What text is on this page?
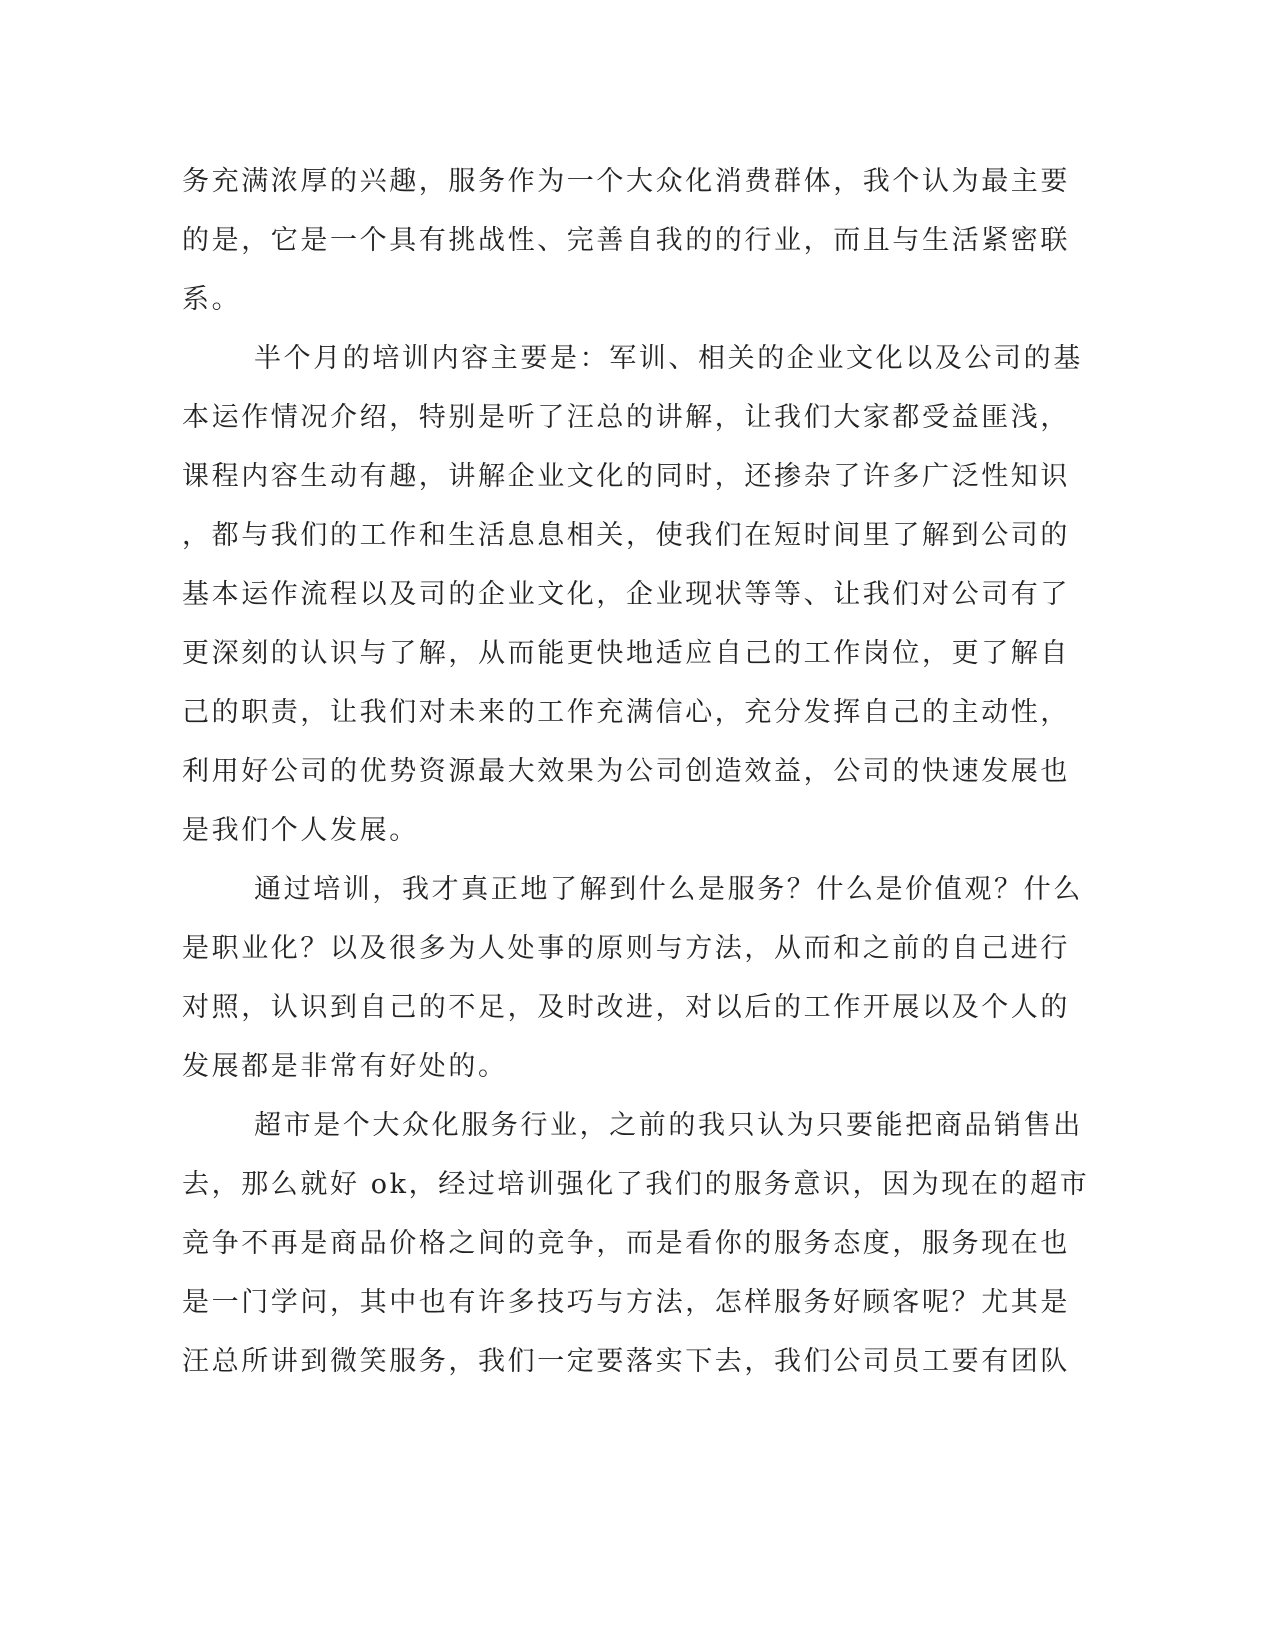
务充满浓厚的兴趣，服务作为一个大众化消费群体，我个认为最主要
的是，它是一个具有挑战性、完善自我的的行业，而且与生活紧密联
系。
半个月的培训内容主要是：军训、相关的企业文化以及公司的基
本运作情况介绍，特别是听了汪总的讲解，让我们大家都受益匪浅，
课程内容生动有趣，讲解企业文化的同时，还掺杂了许多广泛性知识
，都与我们的工作和生活息息相关，使我们在短时间里了解到公司的
基本运作流程以及司的企业文化，企业现状等等、让我们对公司有了
更深刻的认识与了解，从而能更快地适应自己的工作岗位，更了解自
己的职责，让我们对未来的工作充满信心，充分发挥自己的主动性，
利用好公司的优势资源最大效果为公司创造效益，公司的快速发展也
是我们个人发展。
通过培训，我才真正地了解到什么是服务？什么是价值观？什么
是职业化？以及很多为人处事的原则与方法，从而和之前的自己进行
对照，认识到自己的不足，及时改进，对以后的工作开展以及个人的
发展都是非常有好处的。
超市是个大众化服务行业，之前的我只认为只要能把商品销售出
去，那么就好 ok，经过培训强化了我们的服务意识，因为现在的超市
竞争不再是商品价格之间的竞争，而是看你的服务态度，服务现在也
是一门学问，其中也有许多技巧与方法，怎样服务好顾客呢？尤其是
汪总所讲到微笑服务，我们一定要落实下去，我们公司员工要有团队
